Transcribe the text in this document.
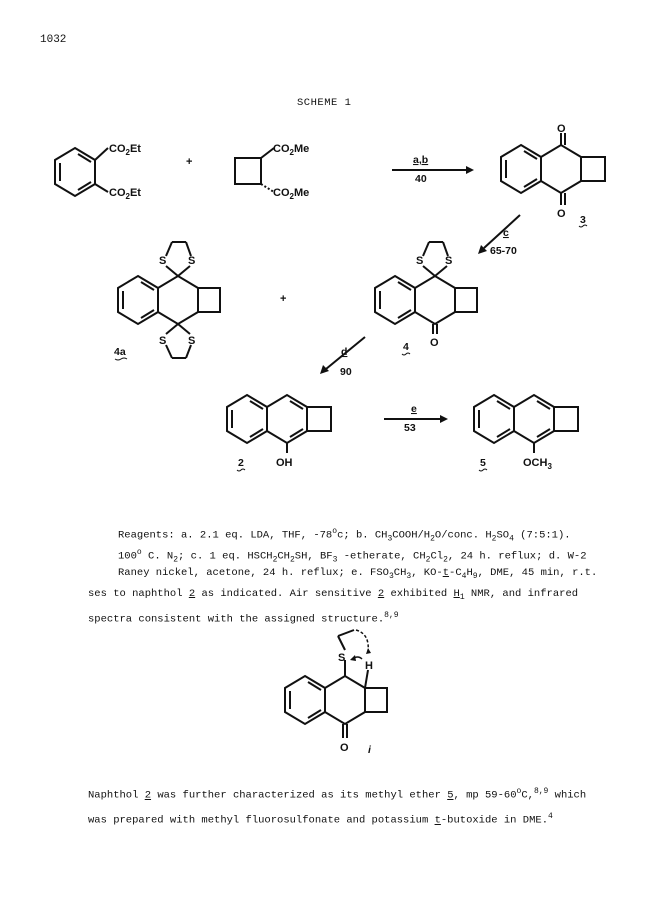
1032
SCHEME 1
$CO_2Et$
$CO_2Et$
+
$CO_2Me$
$CO_2Me$
a,b
40
O
O 3
c
65-70
S S
S S
4a
+
S S
O
4
d
90
OH
2
e
53
$OCH_3$
5
S
H
O i
Reagents: a. 2.1 eq. LDA, THF, -78$^o$c; b. $CH_3COOH/H_2O$/conc. $H_2SO_4$ (7:5:1).
100$^o$ C. $N_2$; c. 1 eq. $HSCH_2CH_2SH$, $BF_3$ -etherate, $CH_2Cl_2$, 24 h. reflux; d. W-2
Raney nickel, acetone, 24 h. reflux; e. $FSO_3CH_3$, $KO-t-C_4H_9$, DME, 45 min, r.t.
ses to naphthol 2 as indicated. Air sensitive 2 exhibited $H_1$ NMR, and infrared
spectra consistent with the assigned structure.$^{8,9}$
Naphthol 2 was further characterized as its methyl ether 5, mp 59-60$^o$C,$^{8,9}$ which
was prepared with methyl fluorosulfonate and potassium t-butoxide in DME.$^4$
